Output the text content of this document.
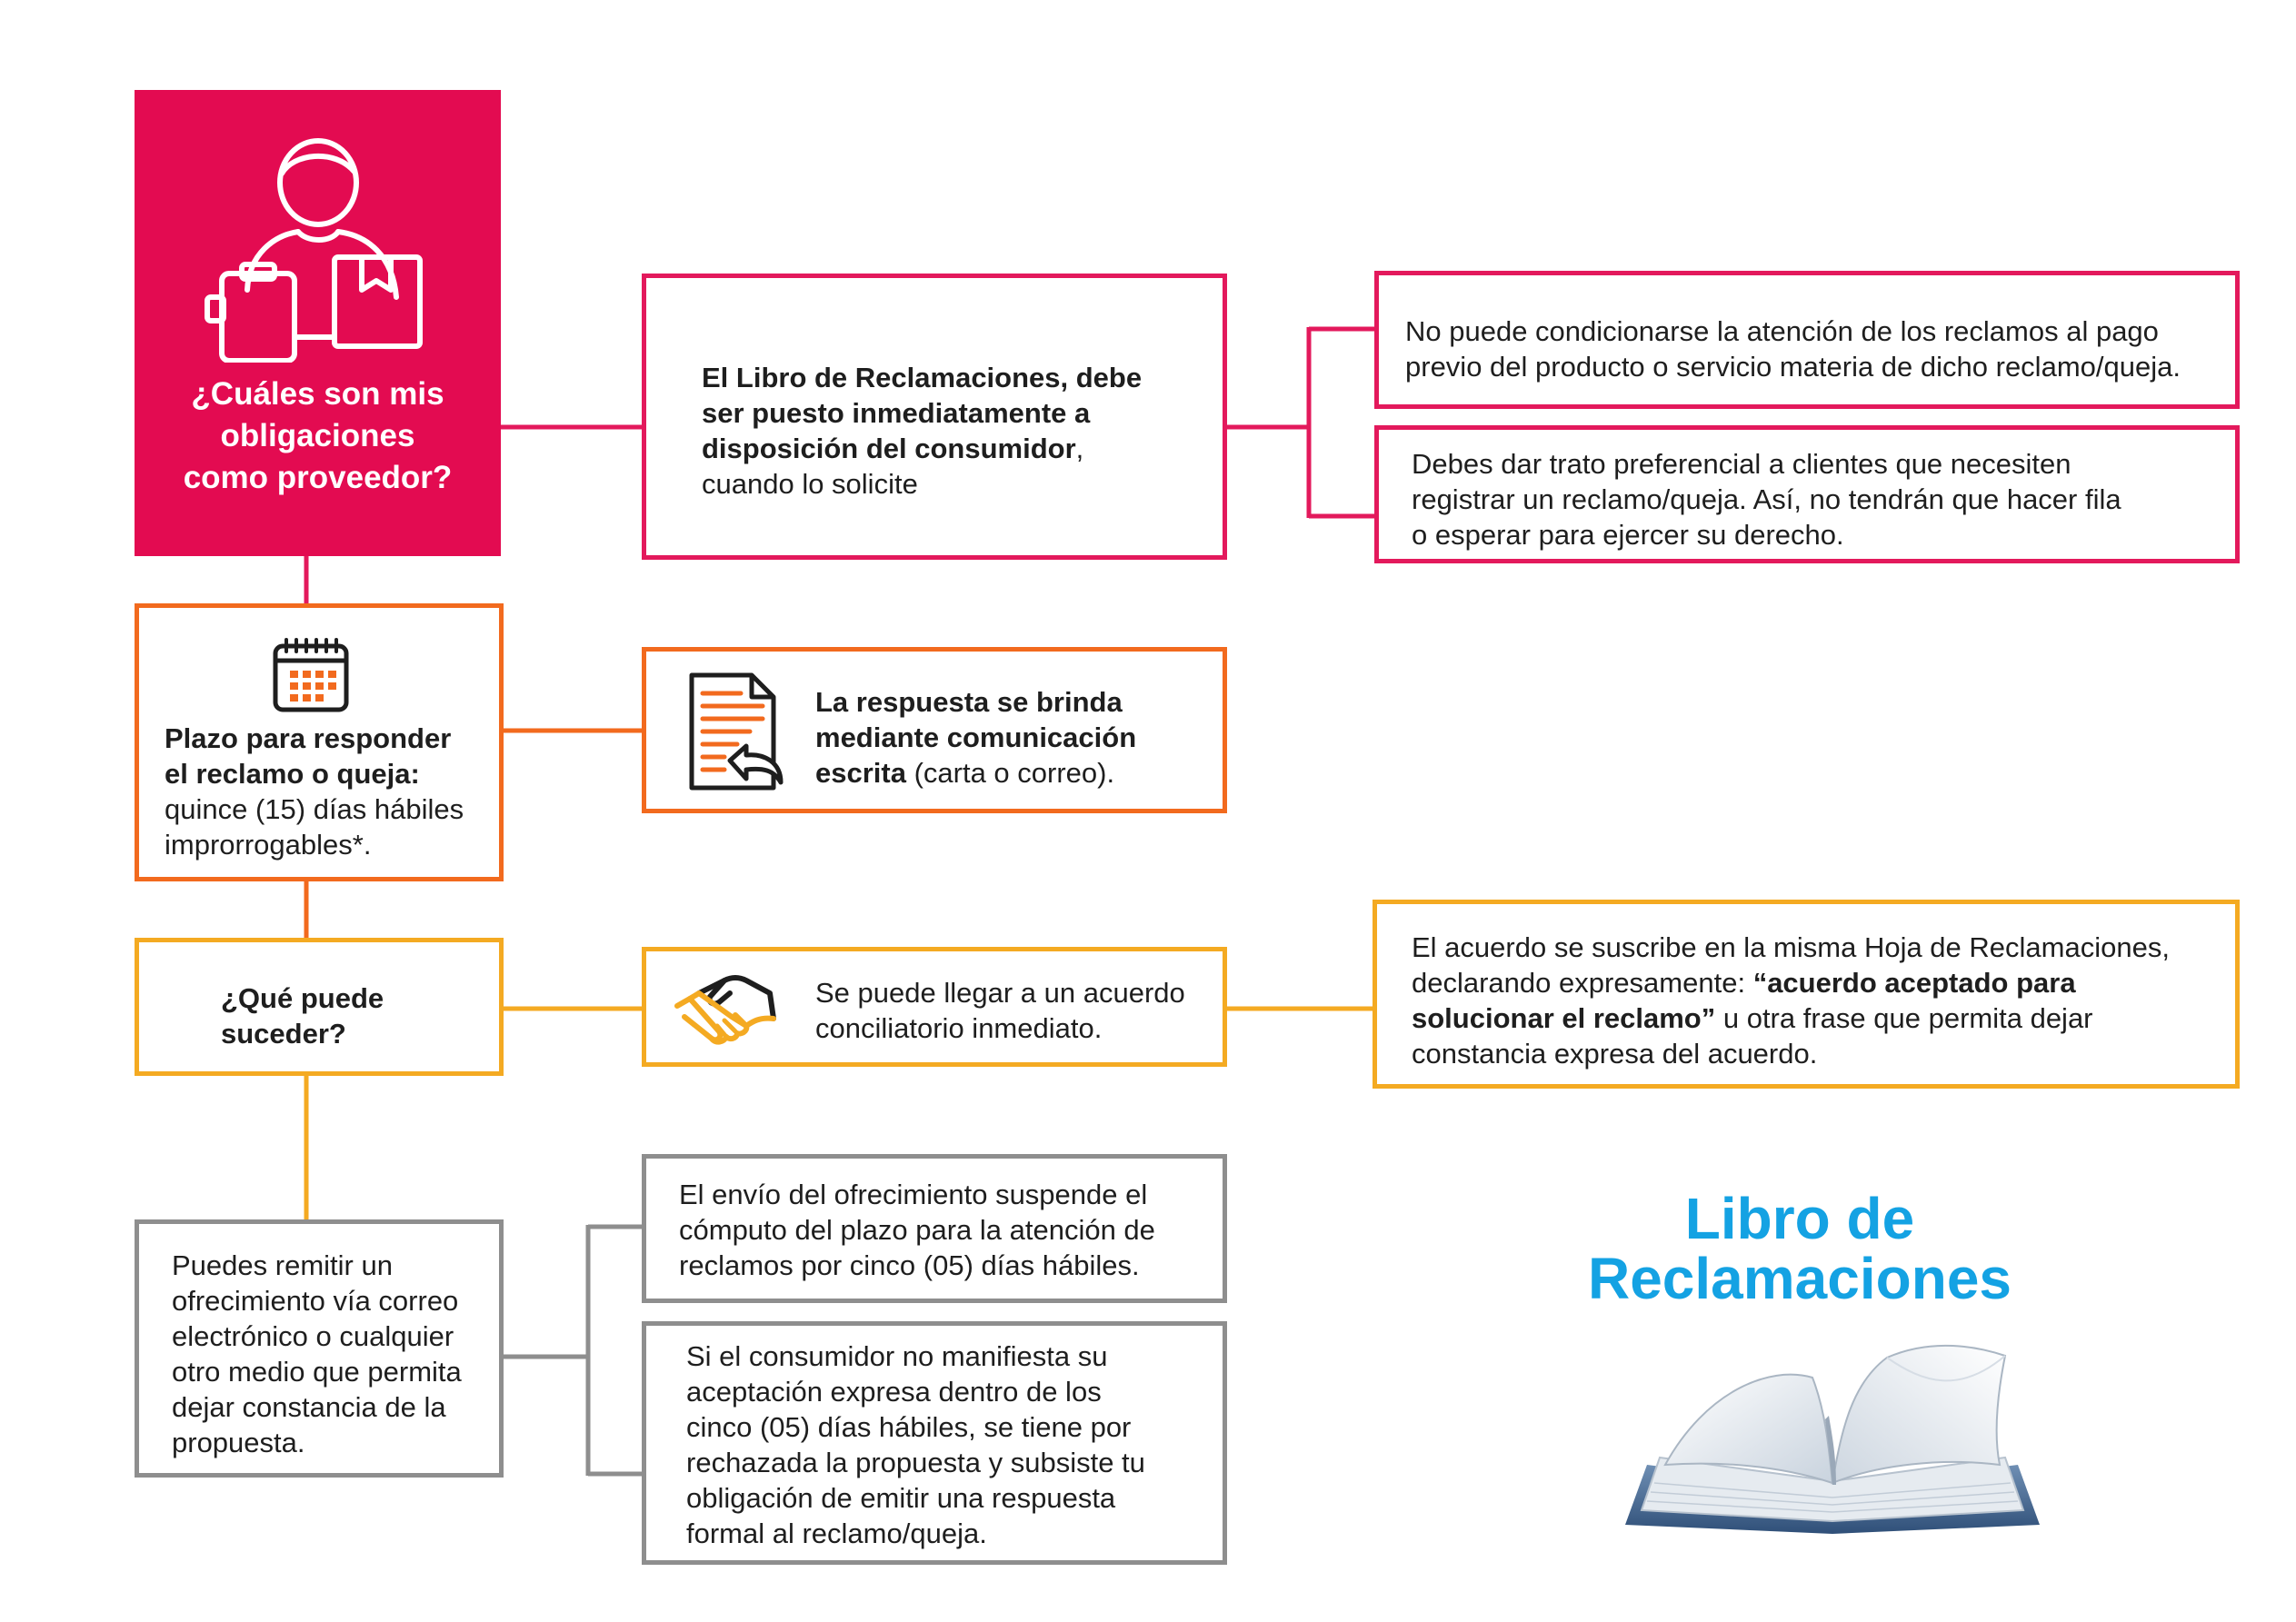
¿Cuáles son mis
obligaciones
como proveedor?
El Libro de Reclamaciones, debe
ser puesto inmediatamente a
disposición del consumidor,
cuando lo solicite
No puede condicionarse la atención de los reclamos al pago
previo del producto o servicio materia de dicho reclamo/queja.
Debes dar trato preferencial a clientes que necesiten
registrar un reclamo/queja. Así, no tendrán que hacer fila
o esperar para ejercer su derecho.
Plazo para responder
el reclamo o queja:
quince (15) días hábiles
improrrogables*.
La respuesta se brinda
mediante comunicación
escrita (carta o correo).
¿Qué puede
suceder?
Se puede llegar a un acuerdo
conciliatorio inmediato.
El acuerdo se suscribe en la misma Hoja de Reclamaciones,
declarando expresamente: “acuerdo aceptado para
solucionar el reclamo” u otra frase que permita dejar
constancia expresa del acuerdo.
Puedes remitir un
ofrecimiento vía correo
electrónico o cualquier
otro medio que permita
dejar constancia de la
propuesta.
El envío del ofrecimiento suspende el
cómputo del plazo para la atención de
reclamos por cinco (05) días hábiles.
Si el consumidor no manifiesta su
aceptación expresa dentro de los
cinco (05) días hábiles, se tiene por
rechazada la propuesta y subsiste tu
obligación de emitir una respuesta
formal al reclamo/queja.
Libro de
Reclamaciones
